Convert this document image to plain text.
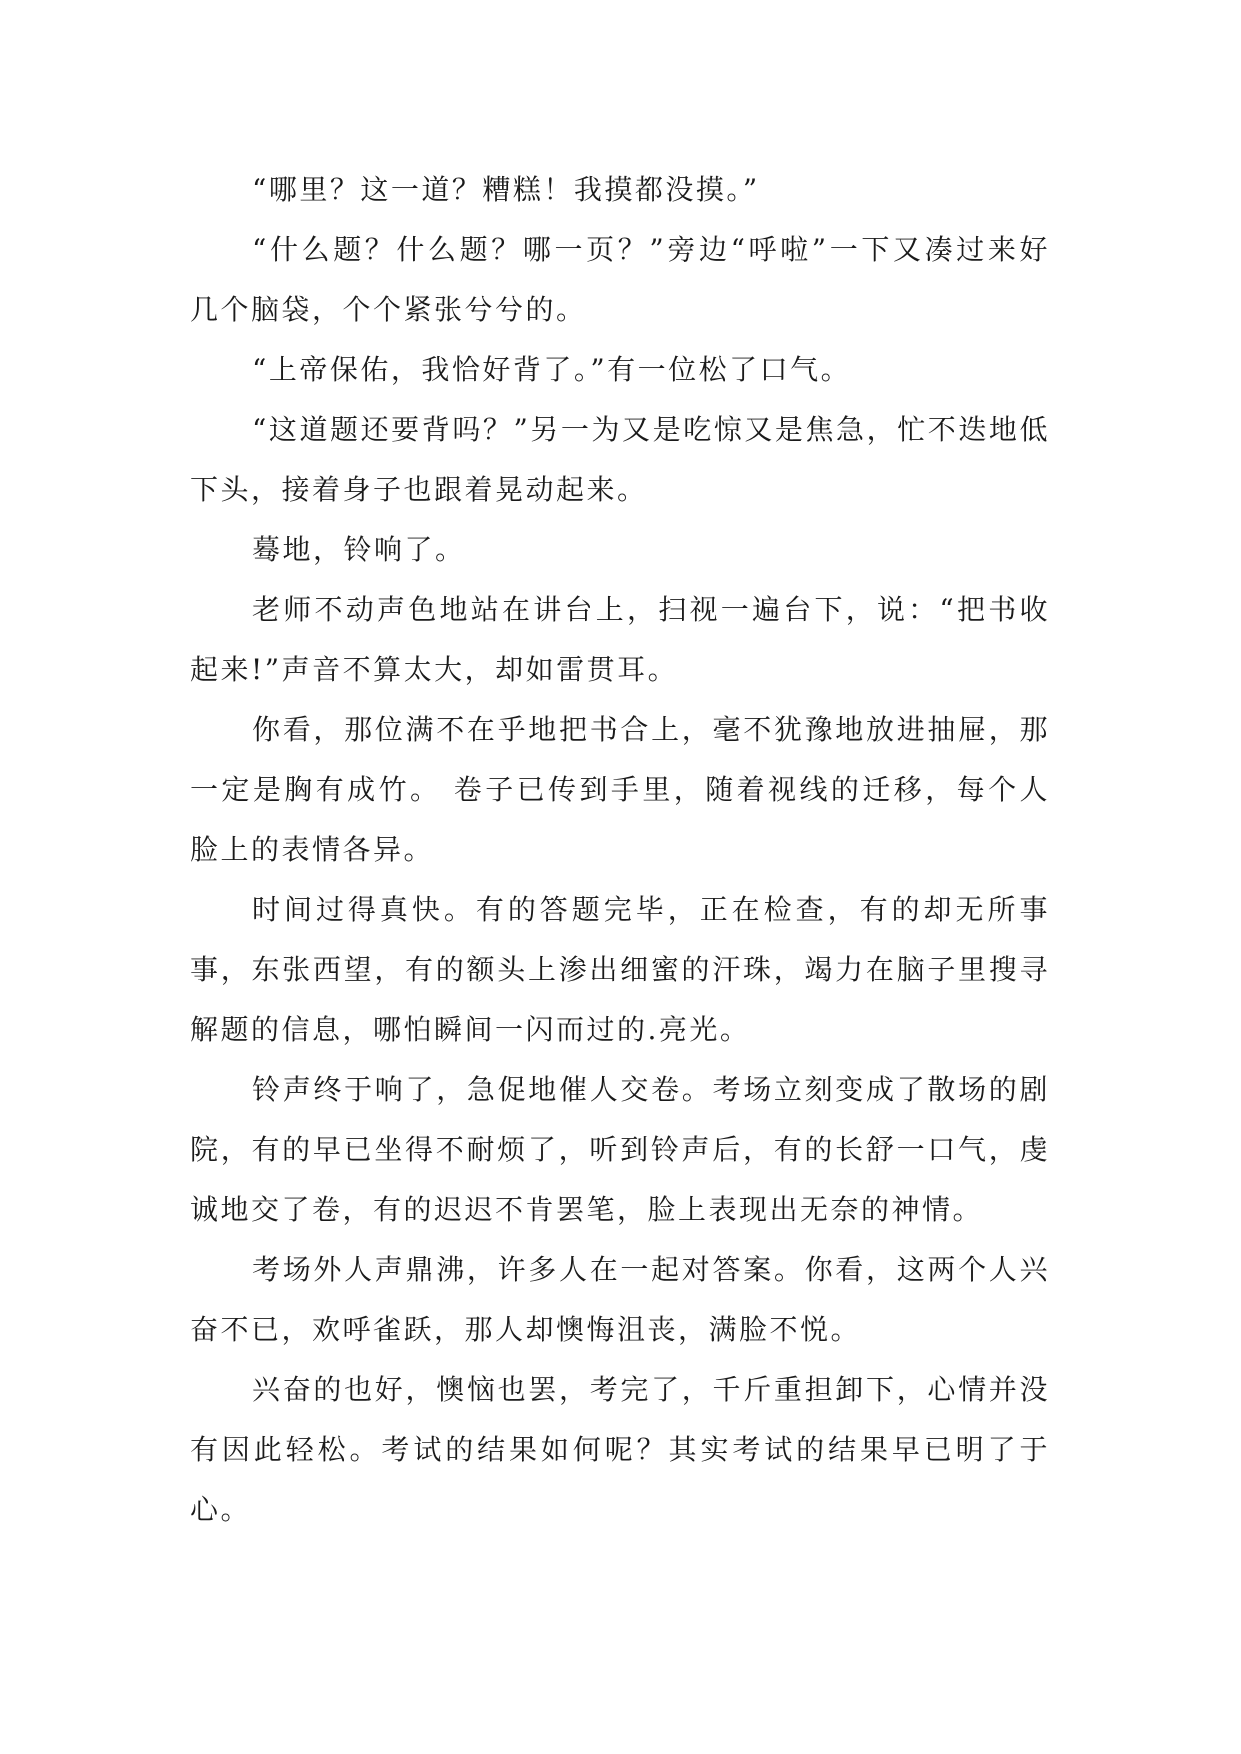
“哪里？这一道？糟糕！我摸都没摸。”

“什么题？什么题？哪一页？”旁边“呼啦”一下又凑过来好几个脑袋，个个紧张兮兮的。

“上帝保佑，我恰好背了。”有一位松了口气。

“这道题还要背吗？”另一为又是吃惊又是焦急，忙不迭地低下头，接着身子也跟着晃动起来。

蓦地，铃响了。

老师不动声色地站在讲台上，扫视一遍台下，说：“把书收起来!”声音不算太大，却如雷贯耳。

你看，那位满不在乎地把书合上，毫不犹豫地放进抽屉，那一定是胸有成竹。 卷子已传到手里，随着视线的迁移，每个人脸上的表情各异。

时间过得真快。有的答题完毕，正在检查，有的却无所事事，东张西望，有的额头上渗出细蜜的汗珠，竭力在脑子里搜寻解题的信息，哪怕瞬间一闪而过的.亮光。

铃声终于响了，急促地催人交卷。考场立刻变成了散场的剧院，有的早已坐得不耐烦了，听到铃声后，有的长舒一口气，虔诚地交了卷，有的迟迟不肯罢笔，脸上表现出无奈的神情。

考场外人声鼎沸，许多人在一起对答案。你看，这两个人兴奋不已，欢呼雀跃，那人却懊悔沮丧，满脸不悦。

兴奋的也好，懊恼也罢，考完了，千斤重担卸下，心情并没有因此轻松。考试的结果如何呢？其实考试的结果早已明了于心。
